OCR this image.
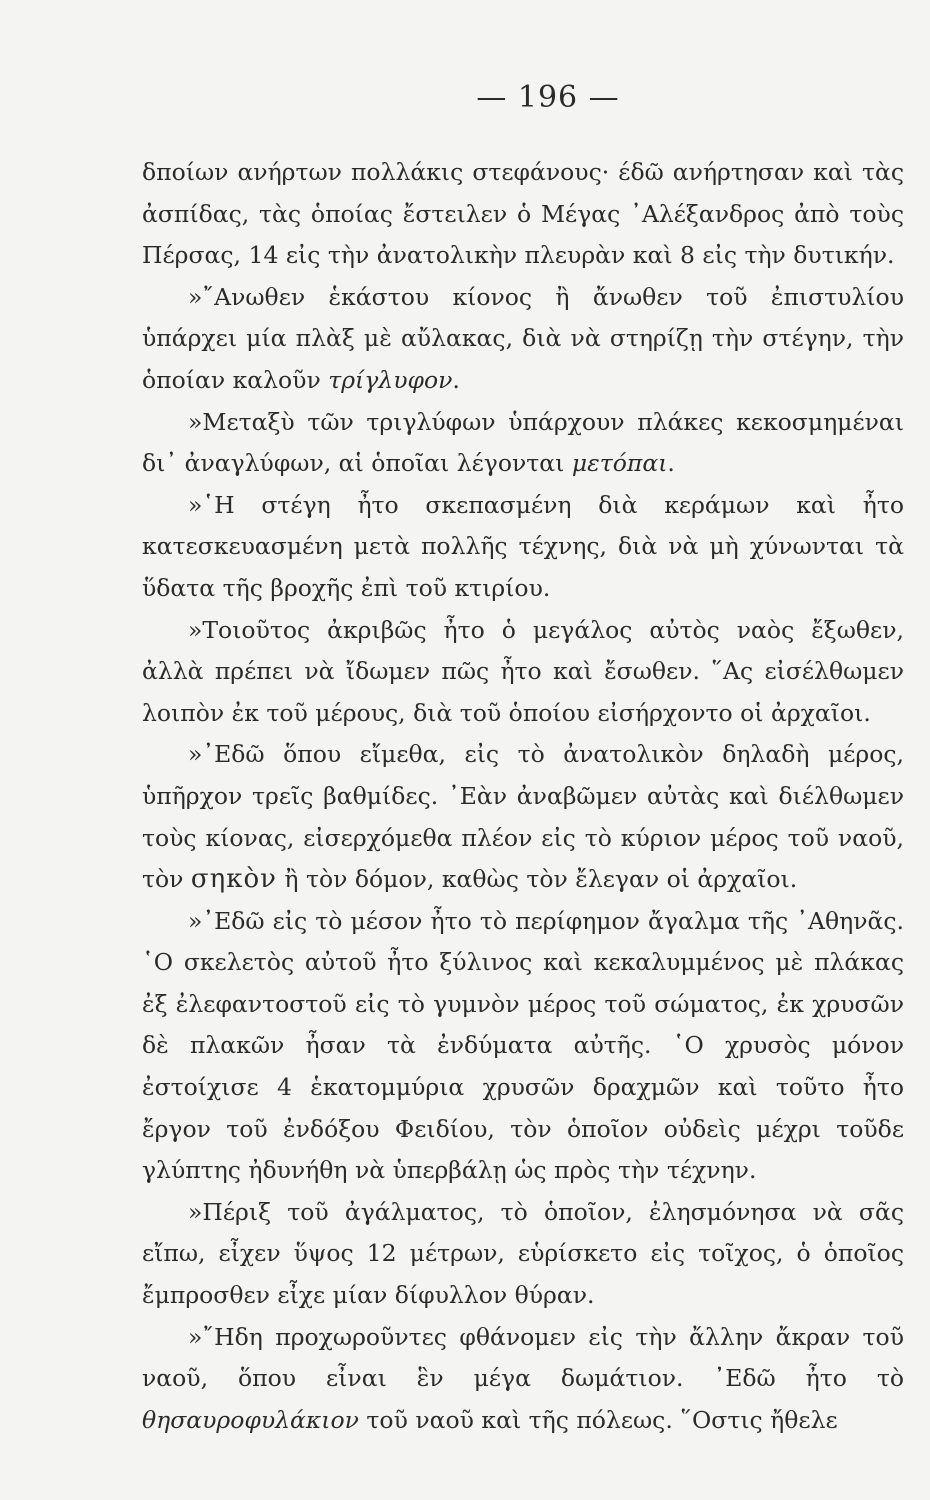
— 196 —

δποίων ανήρτων πολλάκις στεφάνους· έδῶ ανήρτησαν καὶ τὰς ἀσπίδας, τὰς ὁποίας ἔστειλεν ὁ Μέγας ᾽Αλέξανδρος ἀπὸ τοὺς Πέρσας, 14 εἰς τὴν ἀνατολικὴν πλευρὰν καὶ 8 εἰς τὴν δυτικήν.

»῎Ανωθεν ἑκάστου κίονος ἢ ἄνωθεν τοῦ ἐπιστυλίου ὑπάρχει μία πλὰξ μὲ αὔλακας, διὰ νὰ στηρίζῃ τὴν στέγην, τὴν ὁποίαν καλοῦν τρίγλυφον.

»Μεταξὺ τῶν τριγλύφων ὑπάρχουν πλάκες κεκοσμημέναι δι᾽ ἀναγλύφων, αἱ ὁποῖαι λέγονται μετόπαι.

»῾Η στέγη ἦτο σκεπασμένη διὰ κεράμων καὶ ἦτο κατεσκευασμένη μετὰ πολλῆς τέχνης, διὰ νὰ μὴ χύνωνται τὰ ὕδατα τῆς βροχῆς ἐπὶ τοῦ κτιρίου.

»Τοιοῦτος ἀκριβῶς ἦτο ὁ μεγάλος αὐτὸς ναὸς ἔξωθεν, ἀλλὰ πρέπει νὰ ἴδωμεν πῶς ἦτο καὶ ἔσωθεν. ῞Ας εἰσέλθωμεν λοιπὸν ἐκ τοῦ μέρους, διὰ τοῦ ὁποίου εἰσήρχοντο οἱ ἀρχαῖοι.

»᾽Εδῶ ὅπου εἴμεθα, εἰς τὸ ἀνατολικὸν δηλαδὴ μέρος, ὑπῆρχον τρεῖς βαθμίδες. ᾽Εὰν ἀναβῶμεν αὐτὰς καὶ διέλθωμεν τοὺς κίονας, εἰσερχόμεθα πλέον εἰς τὸ κύριον μέρος τοῦ ναοῦ, τὸν σηκὸν ἢ τὸν δόμον, καθὼς τὸν ἔλεγαν οἱ ἀρχαῖοι.

»᾽Εδῶ εἰς τὸ μέσον ἦτο τὸ περίφημον ἄγαλμα τῆς ᾽Αθηνᾶς. ῾Ο σκελετὸς αὐτοῦ ἦτο ξύλινος καὶ κεκαλυμμένος μὲ πλάκας ἐξ ἐλεφαντοστοῦ εἰς τὸ γυμνὸν μέρος τοῦ σώματος, ἐκ χρυσῶν δὲ πλακῶν ἦσαν τὰ ἐνδύματα αὐτῆς. ῾Ο χρυσὸς μόνον ἐστοίχισε 4 ἑκατομμύρια χρυσῶν δραχμῶν καὶ τοῦτο ἦτο ἔργον τοῦ ἐνδόξου Φειδίου, τὸν ὁποῖον οὐδεὶς μέχρι τοῦδε γλύπτης ἠδυνήθη νὰ ὑπερβάλῃ ὡς πρὸς τὴν τέχνην.

»Πέριξ τοῦ ἀγάλματος, τὸ ὁποῖον, ἐλησμόνησα νὰ σᾶς εἴπω, εἶχεν ὕψος 12 μέτρων, εὑρίσκετο εἰς τοῖχος, ὁ ὁποῖος ἔμπροσθεν εἶχε μίαν δίφυλλον θύραν.

»῎Ηδη προχωροῦντες φθάνομεν εἰς τὴν ἄλλην ἄκραν τοῦ ναοῦ, ὅπου εἶναι ἓν μέγα δωμάτιον. ᾽Εδῶ ἦτο τὸ θησαυροφυλάκιον τοῦ ναοῦ καὶ τῆς πόλεως. ῞Οστις ἤθελε
